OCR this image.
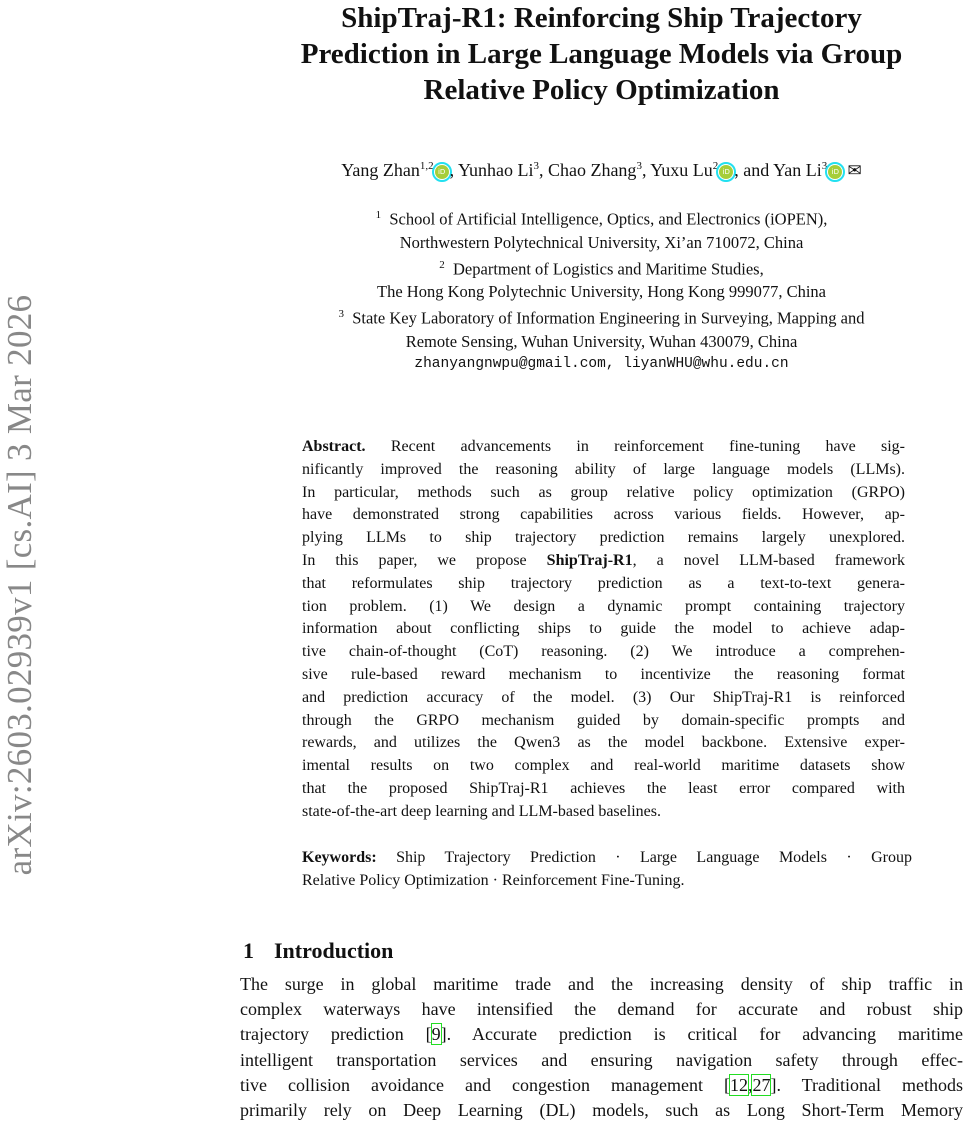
arXiv:2603.02939v1 [cs.AI] 3 Mar 2026
ShipTraj-R1: Reinforcing Ship Trajectory
Prediction in Large Language Models via Group
Relative Policy Optimization
Yang Zhan$^{1,2}$ iD , Yunhao Li$^3$, Chao Zhang$^3$, Yuxu Lu$^2$ iD , and Yan Li$^3$ iD ✉
$^1$ School of Artificial Intelligence, Optics, and Electronics (iOPEN),
Northwestern Polytechnical University, Xi’an 710072, China
$^2$ Department of Logistics and Maritime Studies,
The Hong Kong Polytechnic University, Hong Kong 999077, China
$^3$ State Key Laboratory of Information Engineering in Surveying, Mapping and
Remote Sensing, Wuhan University, Wuhan 430079, China
zhanyangnwpu@gmail.com, liyanWHU@whu.edu.cn
Abstract. Recent advancements in reinforcement fine-tuning have sig-
nificantly improved the reasoning ability of large language models (LLMs).
In particular, methods such as group relative policy optimization (GRPO)
have demonstrated strong capabilities across various fields. However, ap-
plying LLMs to ship trajectory prediction remains largely unexplored.
In this paper, we propose ShipTraj-R1, a novel LLM-based framework
that reformulates ship trajectory prediction as a text-to-text genera-
tion problem. (1) We design a dynamic prompt containing trajectory
information about conflicting ships to guide the model to achieve adap-
tive chain-of-thought (CoT) reasoning. (2) We introduce a comprehen-
sive rule-based reward mechanism to incentivize the reasoning format
and prediction accuracy of the model. (3) Our ShipTraj-R1 is reinforced
through the GRPO mechanism guided by domain-specific prompts and
rewards, and utilizes the Qwen3 as the model backbone. Extensive exper-
imental results on two complex and real-world maritime datasets show
that the proposed ShipTraj-R1 achieves the least error compared with
state-of-the-art deep learning and LLM-based baselines.
Keywords: Ship Trajectory Prediction · Large Language Models · Group
Relative Policy Optimization · Reinforcement Fine-Tuning.
1 Introduction
The surge in global maritime trade and the increasing density of ship traffic in
complex waterways have intensified the demand for accurate and robust ship
trajectory prediction [9]. Accurate prediction is critical for advancing maritime
intelligent transportation services and ensuring navigation safety through effec-
tive collision avoidance and congestion management [12,27]. Traditional methods
primarily rely on Deep Learning (DL) models, such as Long Short-Term Memory
